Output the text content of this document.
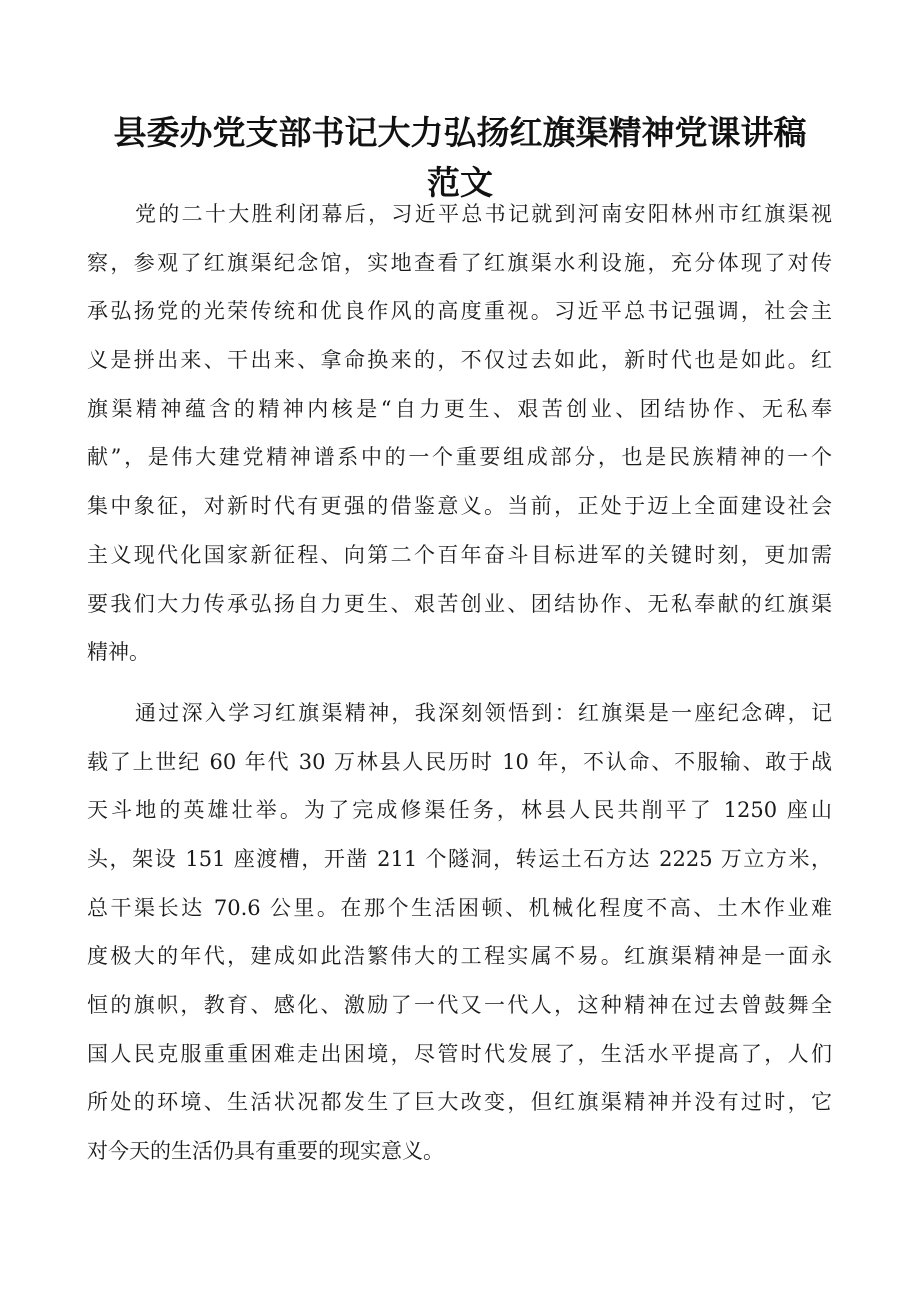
县委办党支部书记大力弘扬红旗渠精神党课讲稿
范文
党的二十大胜利闭幕后，习近平总书记就到河南安阳林州市红旗渠视
察，参观了红旗渠纪念馆，实地查看了红旗渠水利设施，充分体现了对传
承弘扬党的光荣传统和优良作风的高度重视。习近平总书记强调，社会主
义是拼出来、干出来、拿命换来的，不仅过去如此，新时代也是如此。红
旗渠精神蕴含的精神内核是“自力更生、艰苦创业、团结协作、无私奉
献”，是伟大建党精神谱系中的一个重要组成部分，也是民族精神的一个
集中象征，对新时代有更强的借鉴意义。当前，正处于迈上全面建设社会
主义现代化国家新征程、向第二个百年奋斗目标进军的关键时刻，更加需
要我们大力传承弘扬自力更生、艰苦创业、团结协作、无私奉献的红旗渠
精神。
通过深入学习红旗渠精神，我深刻领悟到：红旗渠是一座纪念碑，记
载了上世纪 60 年代 30 万林县人民历时 10 年，不认命、不服输、敢于战
天斗地的英雄壮举。为了完成修渠任务，林县人民共削平了 1250 座山
头，架设 151 座渡槽，开凿 211 个隧洞，转运土石方达 2225 万立方米，
总干渠长达 70.6 公里。在那个生活困顿、机械化程度不高、土木作业难
度极大的年代，建成如此浩繁伟大的工程实属不易。红旗渠精神是一面永
恒的旗帜，教育、感化、激励了一代又一代人，这种精神在过去曾鼓舞全
国人民克服重重困难走出困境，尽管时代发展了，生活水平提高了，人们
所处的环境、生活状况都发生了巨大改变，但红旗渠精神并没有过时，它
对今天的生活仍具有重要的现实意义。
